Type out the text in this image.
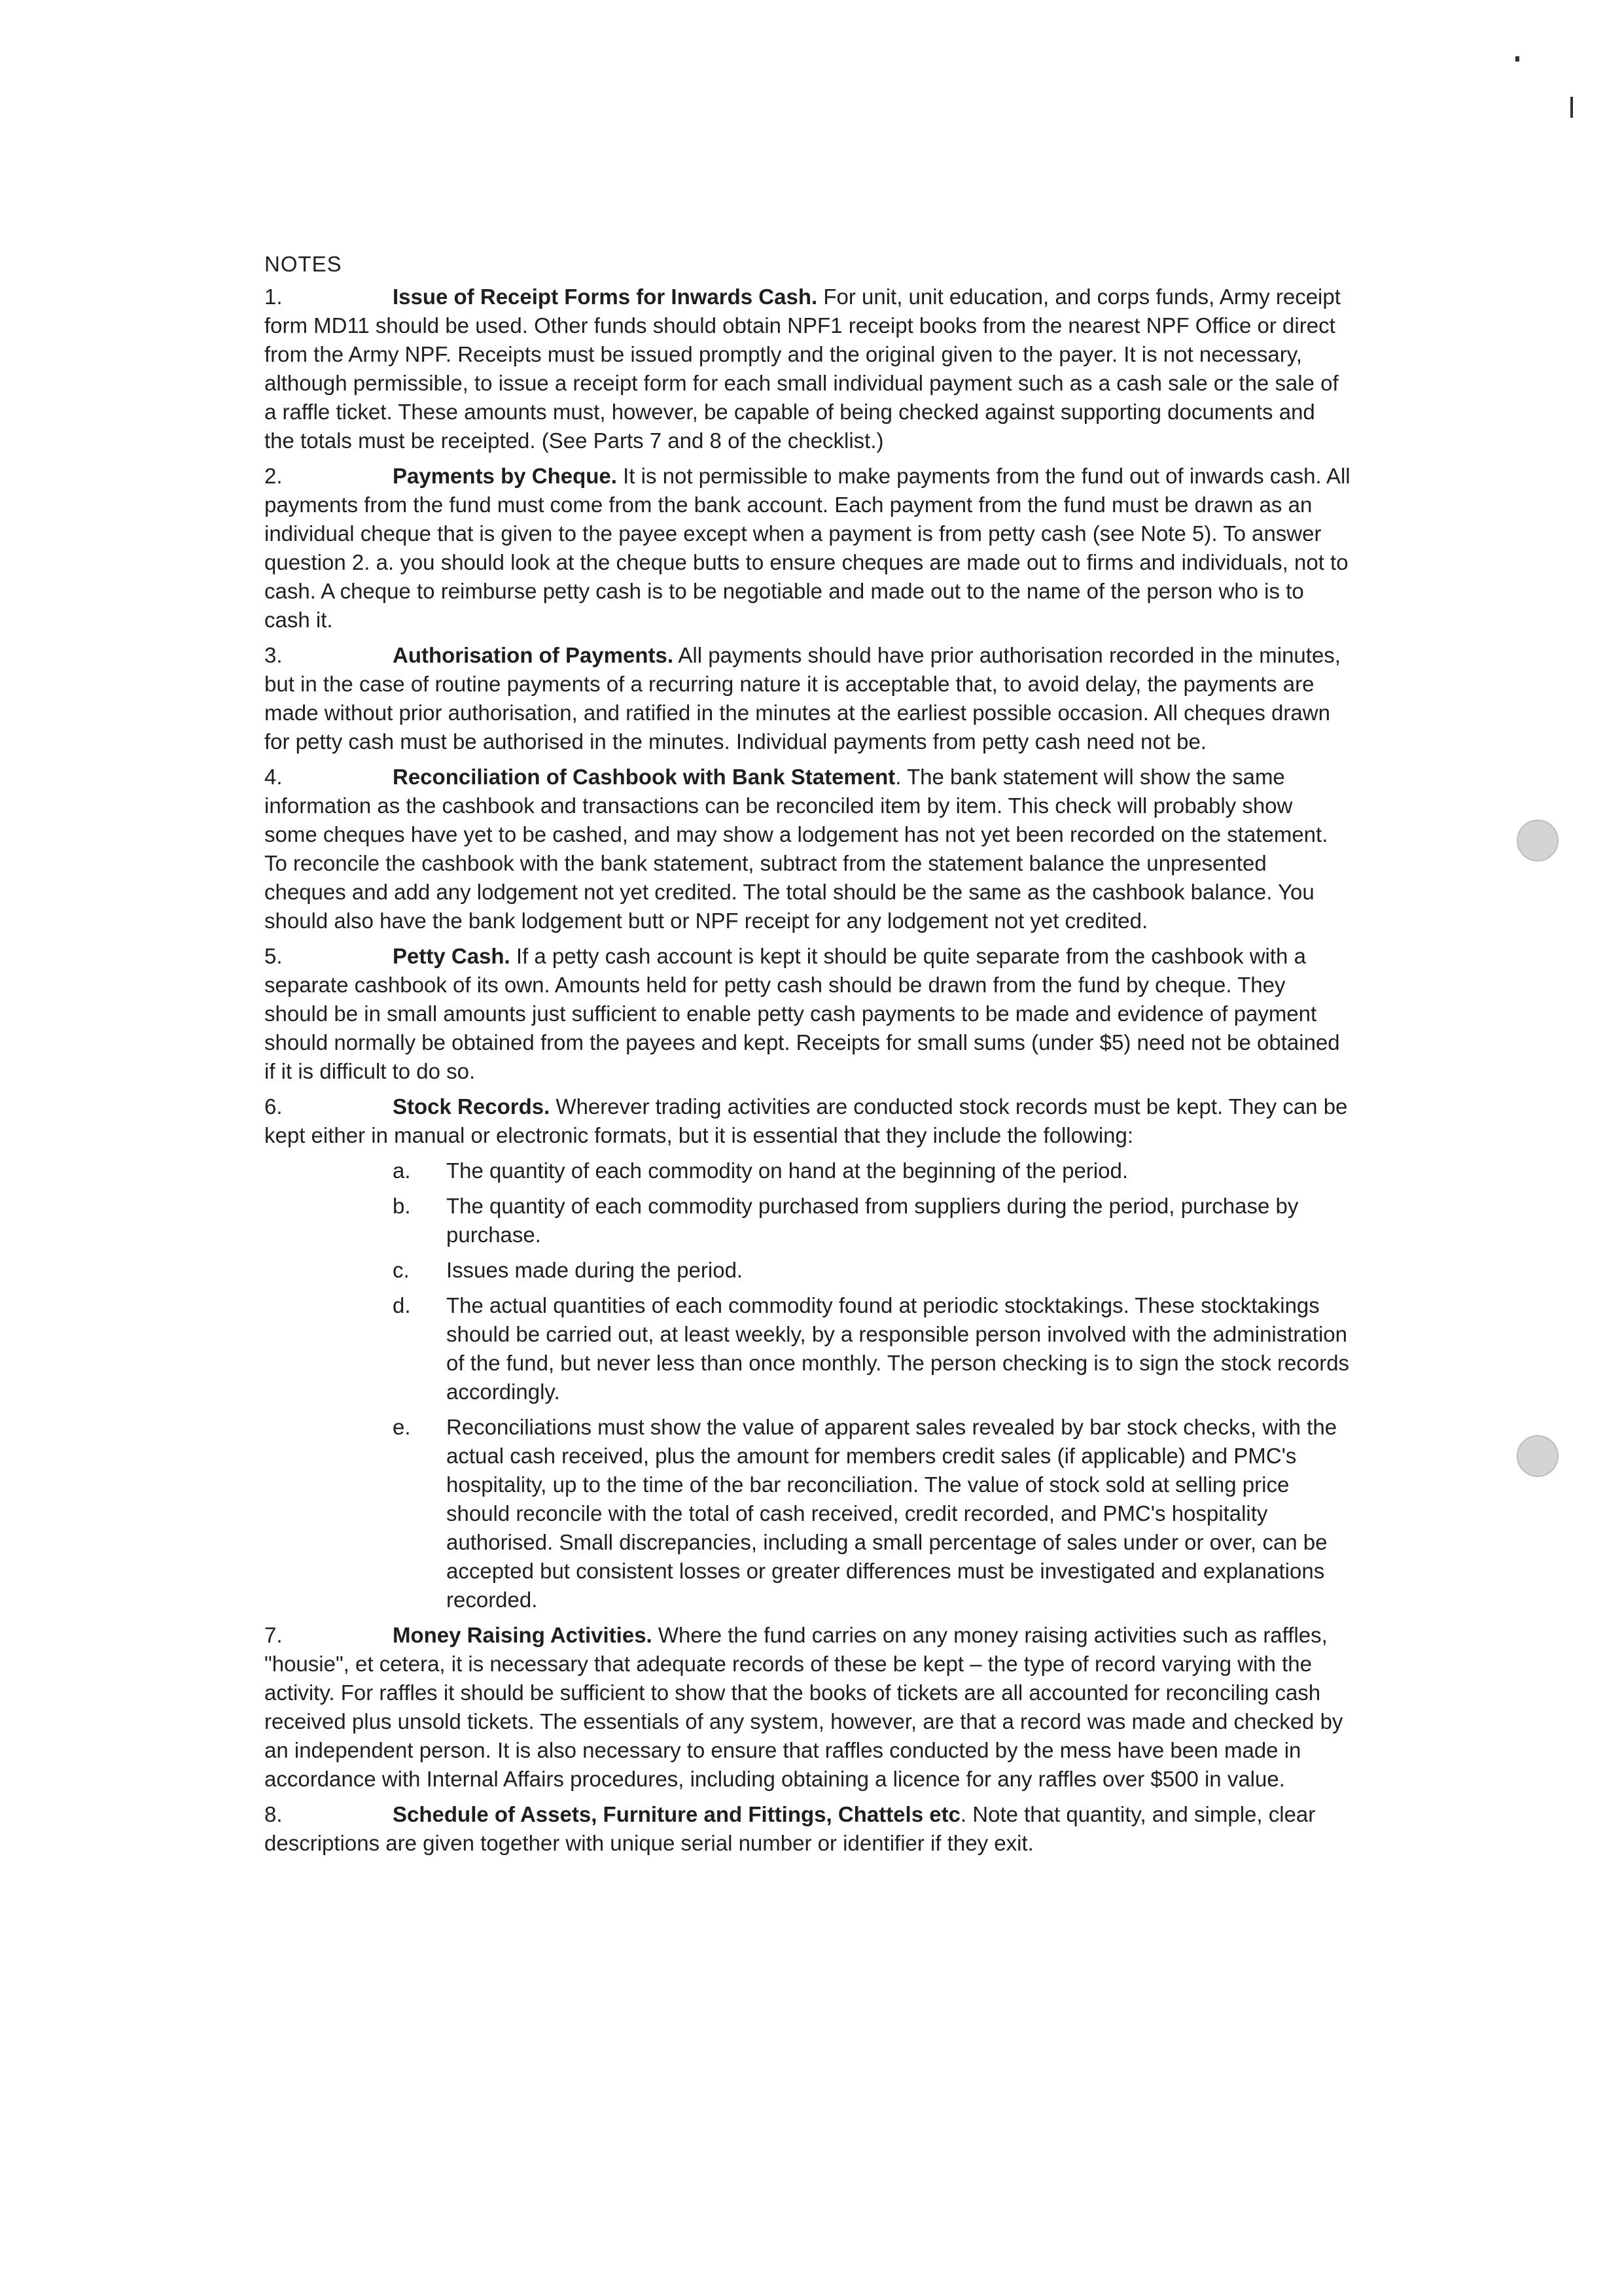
NOTES
1.	Issue of Receipt Forms for Inwards Cash. For unit, unit education, and corps funds, Army receipt form MD11 should be used. Other funds should obtain NPF1 receipt books from the nearest NPF Office or direct from the Army NPF. Receipts must be issued promptly and the original given to the payer. It is not necessary, although permissible, to issue a receipt form for each small individual payment such as a cash sale or the sale of a raffle ticket. These amounts must, however, be capable of being checked against supporting documents and the totals must be receipted. (See Parts 7 and 8 of the checklist.)
2.	Payments by Cheque. It is not permissible to make payments from the fund out of inwards cash. All payments from the fund must come from the bank account. Each payment from the fund must be drawn as an individual cheque that is given to the payee except when a payment is from petty cash (see Note 5). To answer question 2. a. you should look at the cheque butts to ensure cheques are made out to firms and individuals, not to cash. A cheque to reimburse petty cash is to be negotiable and made out to the name of the person who is to cash it.
3.	Authorisation of Payments. All payments should have prior authorisation recorded in the minutes, but in the case of routine payments of a recurring nature it is acceptable that, to avoid delay, the payments are made without prior authorisation, and ratified in the minutes at the earliest possible occasion. All cheques drawn for petty cash must be authorised in the minutes. Individual payments from petty cash need not be.
4.	Reconciliation of Cashbook with Bank Statement. The bank statement will show the same information as the cashbook and transactions can be reconciled item by item. This check will probably show some cheques have yet to be cashed, and may show a lodgement has not yet been recorded on the statement. To reconcile the cashbook with the bank statement, subtract from the statement balance the unpresented cheques and add any lodgement not yet credited. The total should be the same as the cashbook balance. You should also have the bank lodgement butt or NPF receipt for any lodgement not yet credited.
5.	Petty Cash. If a petty cash account is kept it should be quite separate from the cashbook with a separate cashbook of its own. Amounts held for petty cash should be drawn from the fund by cheque. They should be in small amounts just sufficient to enable petty cash payments to be made and evidence of payment should normally be obtained from the payees and kept. Receipts for small sums (under $5) need not be obtained if it is difficult to do so.
6.	Stock Records. Wherever trading activities are conducted stock records must be kept. They can be kept either in manual or electronic formats, but it is essential that they include the following:
a.	The quantity of each commodity on hand at the beginning of the period.
b.	The quantity of each commodity purchased from suppliers during the period, purchase by purchase.
c.	Issues made during the period.
d.	The actual quantities of each commodity found at periodic stocktakings. These stocktakings should be carried out, at least weekly, by a responsible person involved with the administration of the fund, but never less than once monthly. The person checking is to sign the stock records accordingly.
e.	Reconciliations must show the value of apparent sales revealed by bar stock checks, with the actual cash received, plus the amount for members credit sales (if applicable) and PMC's hospitality, up to the time of the bar reconciliation. The value of stock sold at selling price should reconcile with the total of cash received, credit recorded, and PMC's hospitality authorised. Small discrepancies, including a small percentage of sales under or over, can be accepted but consistent losses or greater differences must be investigated and explanations recorded.
7.	Money Raising Activities. Where the fund carries on any money raising activities such as raffles, "housie", et cetera, it is necessary that adequate records of these be kept – the type of record varying with the activity. For raffles it should be sufficient to show that the books of tickets are all accounted for reconciling cash received plus unsold tickets. The essentials of any system, however, are that a record was made and checked by an independent person. It is also necessary to ensure that raffles conducted by the mess have been made in accordance with Internal Affairs procedures, including obtaining a licence for any raffles over $500 in value.
8.	Schedule of Assets, Furniture and Fittings, Chattels etc. Note that quantity, and simple, clear descriptions are given together with unique serial number or identifier if they exit.
